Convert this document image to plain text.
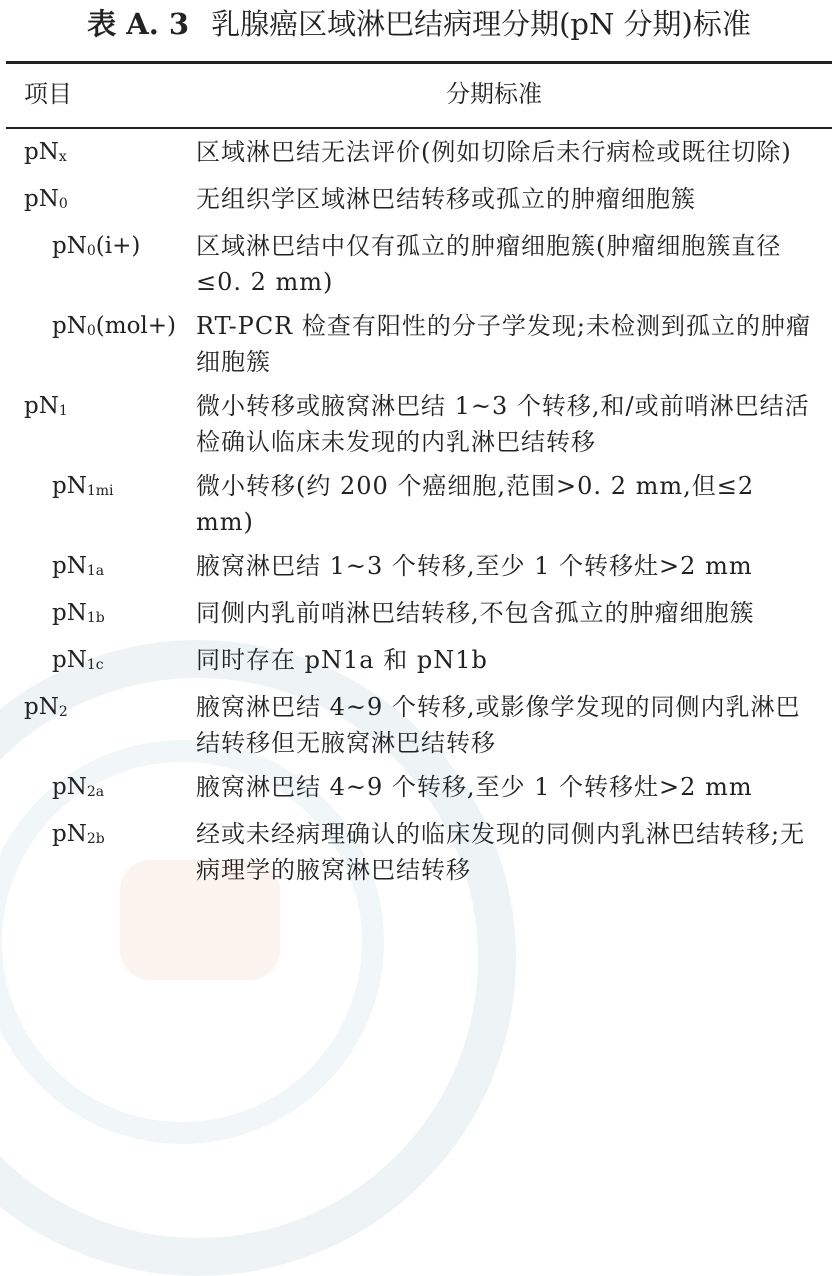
表 A. 3 乳腺癌区域淋巴结病理分期(pN 分期)标准
项目	分期标准
$pN_x$	区域淋巴结无法评价(例如切除后未行病检或既往切除)
$pN_0$	无组织学区域淋巴结转移或孤立的肿瘤细胞簇
$pN_0(i+)$	区域淋巴结中仅有孤立的肿瘤细胞簇(肿瘤细胞簇直径≤0. 2 mm)
$pN_0(mol+)$ RT-PCR 检查有阳性的分子学发现;未检测到孤立的肿瘤细胞簇
$pN_1$	微小转移或腋窝淋巴结 1~3 个转移,和/或前哨淋巴结活检确认临床未发现的内乳淋巴结转移
$pN_{1mi}$	微小转移(约 200 个癌细胞,范围>0. 2 mm,但≤2 mm)
$pN_{1a}$	腋窝淋巴结 1~3 个转移,至少 1 个转移灶>2 mm
$pN_{1b}$	同侧内乳前哨淋巴结转移,不包含孤立的肿瘤细胞簇
$pN_{1c}$	同时存在 pN1a 和 pN1b
$pN_2$	腋窝淋巴结 4~9 个转移,或影像学发现的同侧内乳淋巴结转移但无腋窝淋巴结转移
$pN_{2a}$	腋窝淋巴结 4~9 个转移,至少 1 个转移灶>2 mm
$pN_{2b}$	经或未经病理确认的临床发现的同侧内乳淋巴结转移;无病理学的腋窝淋巴结转移
